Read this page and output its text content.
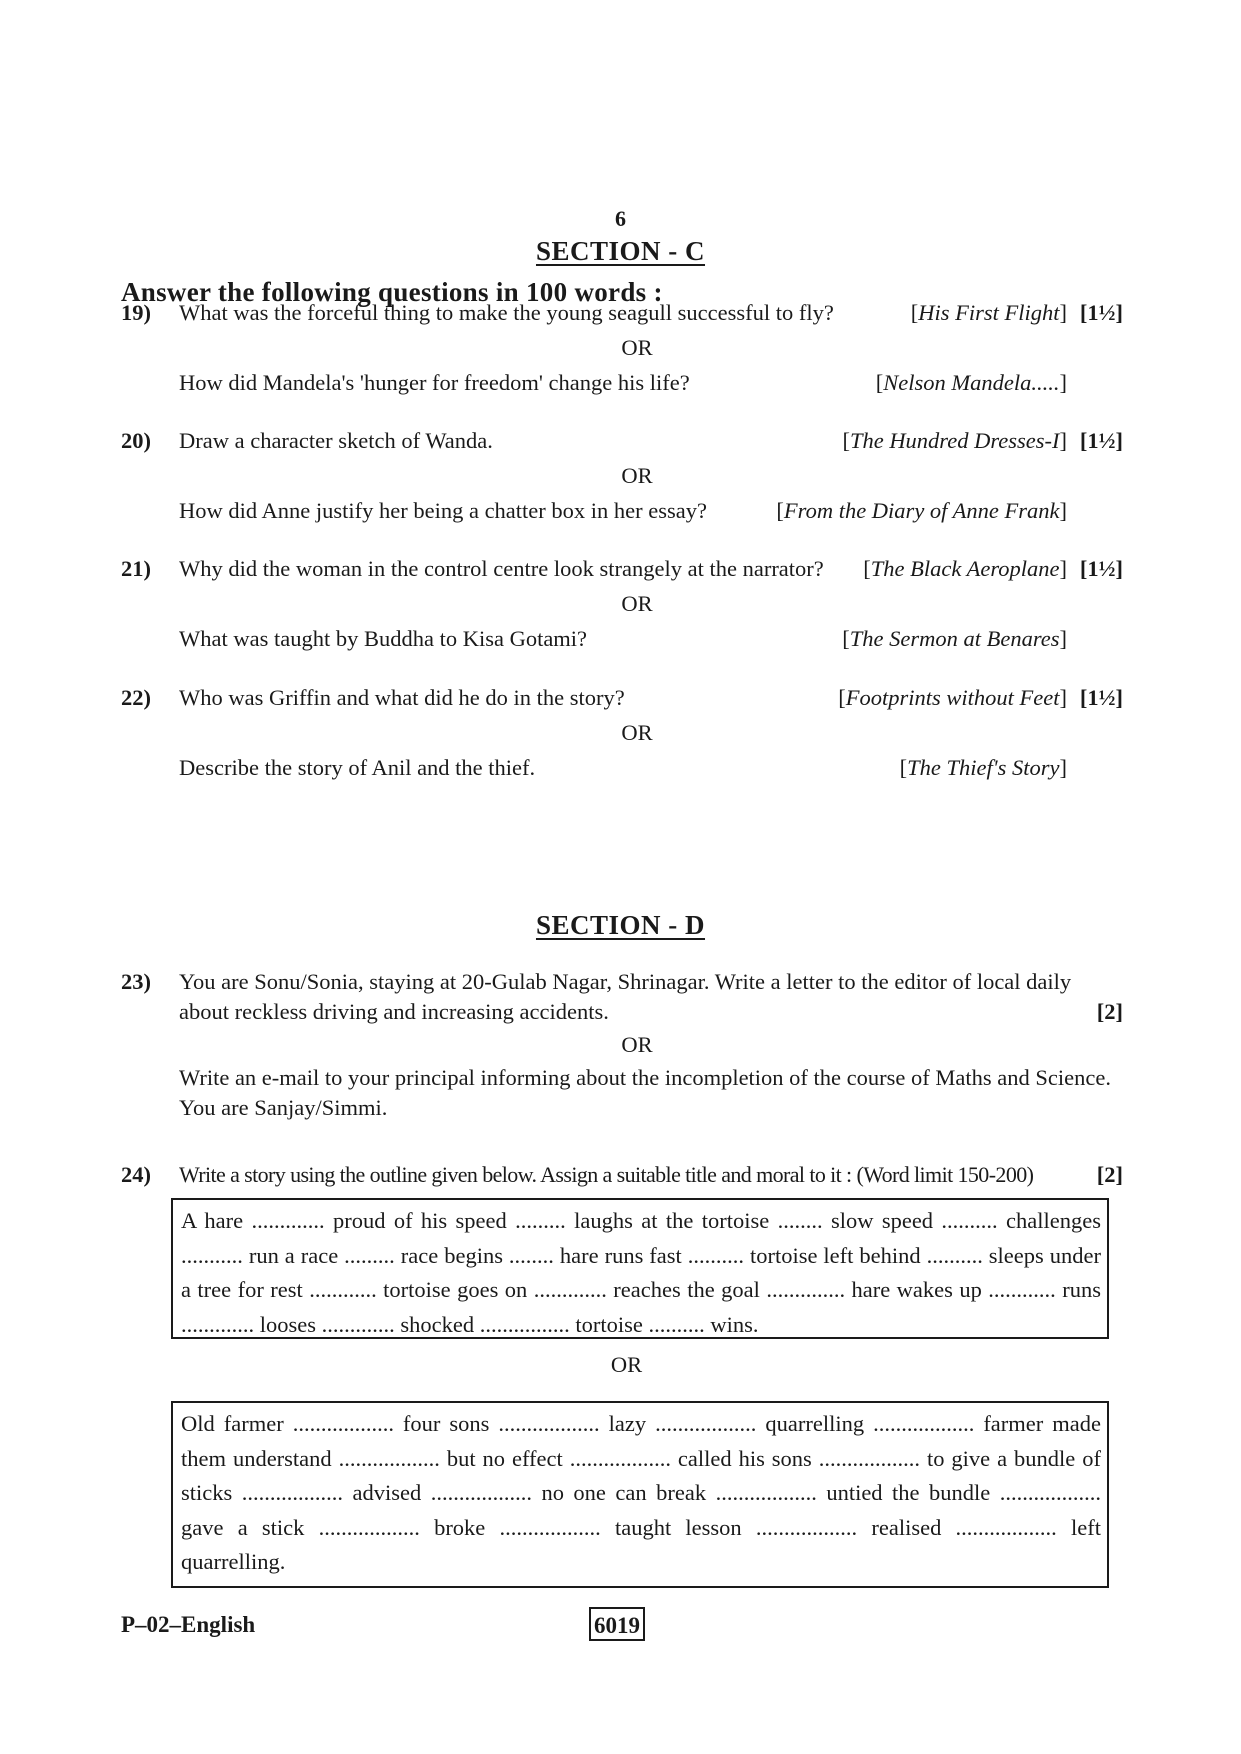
6
SECTION - C
Answer the following questions in 100 words :
19) What was the forceful thing to make the young seagull successful to fly?	[His First Flight] [1½]
OR
How did Mandela's 'hunger for freedom' change his life?	[Nelson Mandela.....]
20) Draw a character sketch of Wanda.	[The Hundred Dresses-I] [1½]
OR
How did Anne justify her being a chatter box in her essay?	[From the Diary of Anne Frank]
21) Why did the woman in the control centre look strangely at the narrator? [The Black Aeroplane] [1½]
OR
What was taught by Buddha to Kisa Gotami?	[The Sermon at Benares]
22) Who was Griffin and what did he do in the story?	[Footprints without Feet] [1½]
OR
Describe the story of Anil and the thief.	[The Thief's Story]
SECTION - D
23) You are Sonu/Sonia, staying at 20-Gulab Nagar, Shrinagar. Write a letter to the editor of local daily about reckless driving and increasing accidents.	[2]
OR
Write an e-mail to your principal informing about the incompletion of the course of Maths and Science. You are Sanjay/Simmi.
24) Write a story using the outline given below. Assign a suitable title and moral to it : (Word limit 150-200)	[2]
A hare ............. proud of his speed ......... laughs at the tortoise ........ slow speed .......... challenges ........... run a race ......... race begins ........ hare runs fast .......... tortoise left behind .......... sleeps under a tree for rest ............ tortoise goes on ............. reaches the goal .............. hare wakes up ............ runs ............. looses ............. shocked ................ tortoise .......... wins.
OR
Old farmer .................. four sons .................. lazy .................. quarrelling .................. farmer made them understand .................. but no effect .................. called his sons .................. to give a bundle of sticks .................. advised .................. no one can break .................. untied the bundle .................. gave a stick .................. broke .................. taught lesson .................. realised .................. left quarrelling.
P–02–English	6019
